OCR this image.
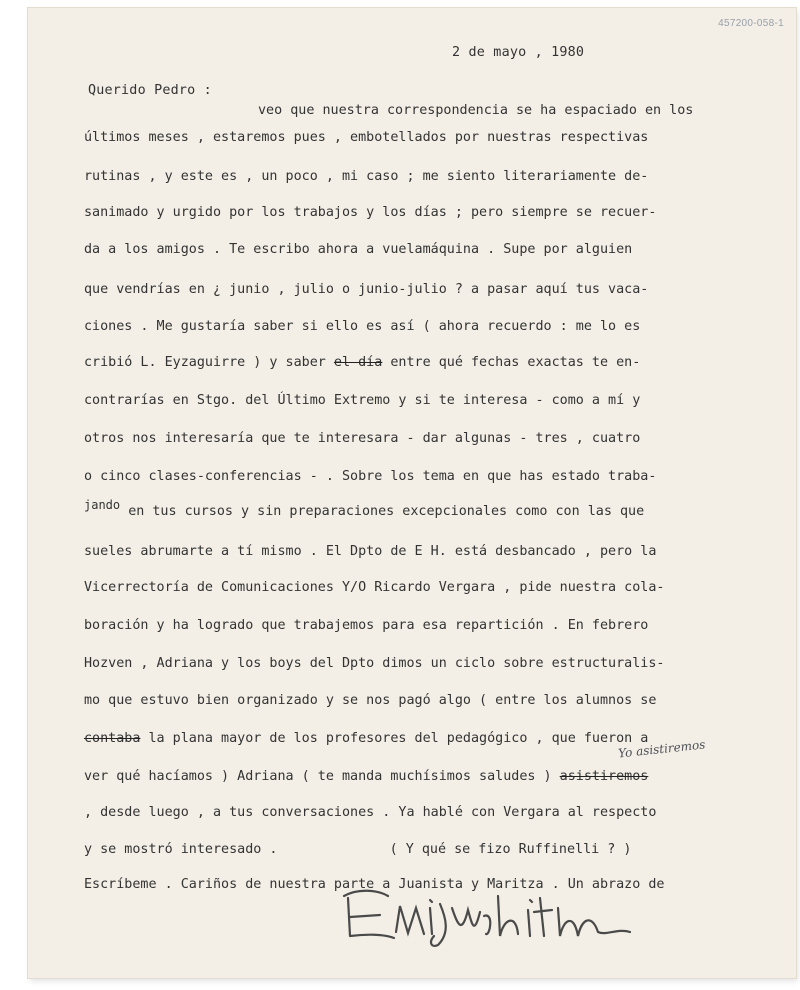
457200-058-1
2 de mayo , 1980
Querido Pedro :
veo que nuestra correspondencia se ha espaciado en los
últimos meses , estaremos pues , embotellados por nuestras respectivas
rutinas , y este es , un poco , mi caso ; me siento literariamente de-
sanimado y urgido por los trabajos y los días ; pero siempre se recuer-
da a los amigos . Te escribo ahora a vuelamáquina . Supe por alguien
que vendrías en ¿ junio , julio o junio-julio ? a pasar aquí tus vaca-
ciones . Me gustaría saber si ello es así ( ahora recuerdo : me lo es
cribió L. Eyzaguirre ) y saber el día entre qué fechas exactas te en-
contrarías en Stgo. del Último Extremo y si te interesa - como a mí y
otros nos interesaría que te interesara - dar algunas - tres , cuatro
o cinco clases-conferencias - . Sobre los tema en que has estado traba-
jando en tus cursos y sin preparaciones excepcionales como con las que
sueles abrumarte a tí mismo . El Dpto de E H. está desbancado , pero la
Vicerrectoría de Comunicaciones Y/O Ricardo Vergara , pide nuestra cola-
boración y ha logrado que trabajemos para esa repartición . En febrero
Hozven , Adriana y los boys del Dpto dimos un ciclo sobre estructuralis-
mo que estuvo bien organizado y se nos pagó algo ( entre los alumnos se
contaba la plana mayor de los profesores del pedagógico , que fueron a
ver qué hacíamos ) Adriana ( te manda muchísimos saludes ) asistiremos
Yo asistiremos
, desde luego , a tus conversaciones . Ya hablé con Vergara al respecto
y se mostró interesado .	( Y qué se fizo Ruffinelli ? )
Escríbeme . Cariños de nuestra parte a Juanista y Maritza . Un abrazo de
